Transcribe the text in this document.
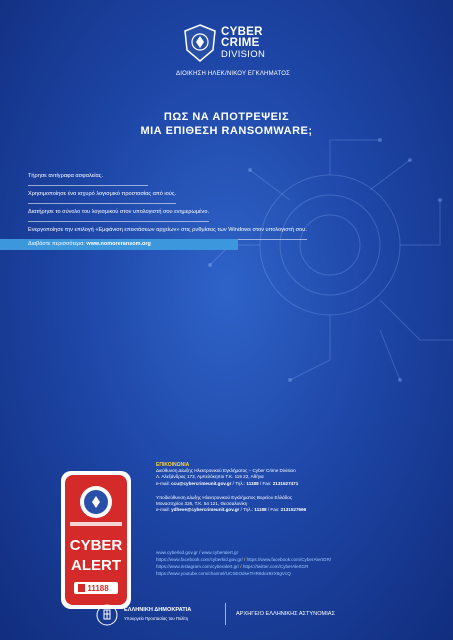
CYBER
CRIME
DIVISION
ΔΙΟΙΚΗΣΗ ΗΛΕΚ/ΝΙΚΟΥ ΕΓΚΛΗΜΑΤΟΣ
ΠΩΣ ΝΑ ΑΠΟΤΡΕΨΕΙΣ
ΜΙΑ ΕΠΙΘΕΣΗ RANSOMWARE;
Τήρησε αντίγραφα ασφαλείας.
Χρησιμοποίησε ένα ισχυρό λογισμικό προστασίας από ιούς.
Διατήρησε το σύνολο του λογισμικού στον υπολογιστή σου ενημερωμένο.
Ενεργοποίησε την επιλογή «Εμφάνιση επεκτάσεων αρχείων» στις ρυθμίσεις των Windows στον υπολογιστή σου.
Διαβάστε περισσότερα: www.nomoreransom.org
CYBER
ALERT
11188
ΕΠΙΚΟΙΝΩΝΙΑ
Διεύθυνση Δίωξης Ηλεκτρονικού Εγκλήματος – Cyber Crime Division
Λ. Αλεξάνδρας 173, Αμπελόκηποι Τ.Κ. 115 22, Αθήνα
e-mail: ccu@cybercrimeunit.gov.gr / Τηλ.: 11188 / Fax: 2131527471
Υποδιεύθυνση Δίωξης Ηλεκτρονικού Εγκλήματος Βορείου Ελλάδος
Μοναστηρίου 326, Τ.Κ. 54 121, Θεσσαλονίκη
e-mail: ydheve@cybercrimeunit.gov.gr / Τηλ.: 11188 / Fax: 2131527666
www.cyberkid.gov.gr / www.cyberalert.gr
https://www.facebook.com/cyberkid.gov.gr/ / https://www.facebook.com/CyberAlertGR/
https://www.instagram.com/cyberalert.gr/ / https://twitter.com/CyberAlertGR
https://www.youtube.com/channel/UCSEOdseTHR8doz8zX8gVcQ
ΕΛΛΗΝΙΚΗ ΔΗΜΟΚΡΑΤΙΑ
Υπουργείο Προστασίας του Πολίτη
ΑΡΧΗΓΕΙΟ ΕΛΛΗΝΙΚΗΣ ΑΣΤΥΝΟΜΙΑΣ
